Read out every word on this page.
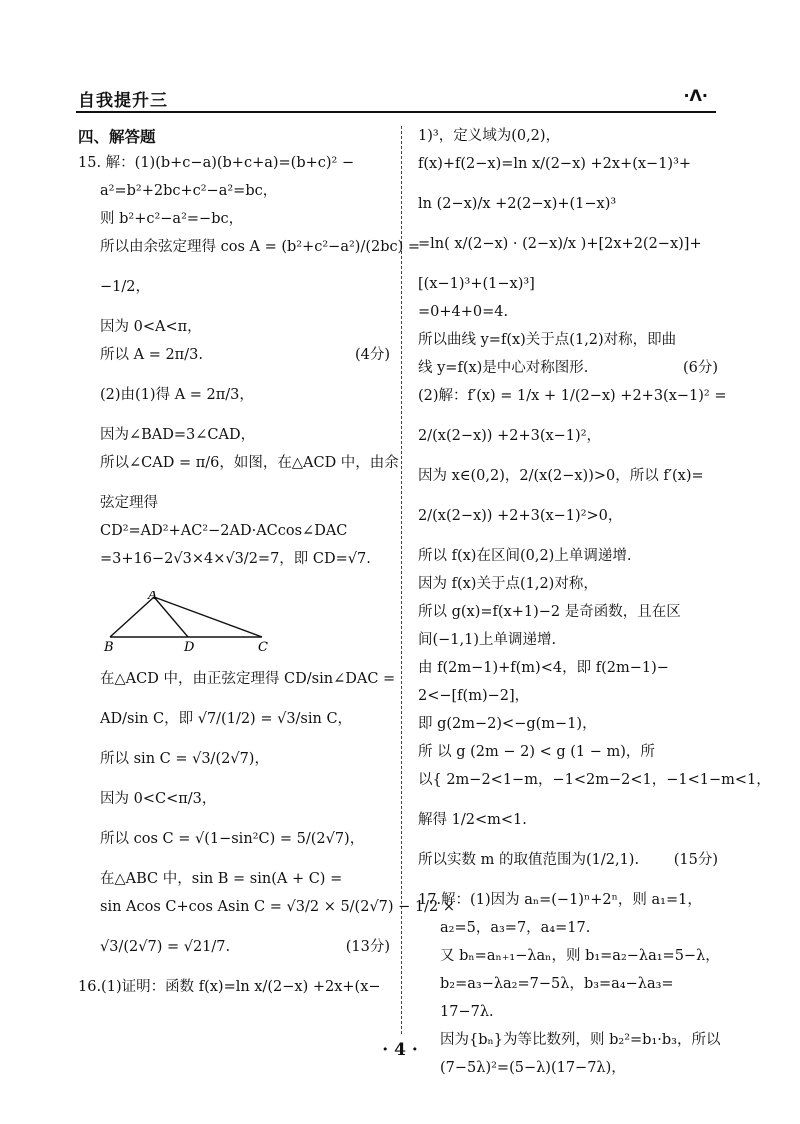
自我提升三	·Λ·
四、解答题
15. 解：(1)(b+c−a)(b+c+a)=(b+c)² −
a²=b²+2bc+c²−a²=bc，
则 b²+c²−a²=−bc，
所以由余弦定理得 cos A = (b²+c²−a²)/(2bc) =
−1/2，
因为 0<A<π，
所以 A = 2π/3.	(4分)
(2)由(1)得 A = 2π/3，
因为∠BAD=3∠CAD，
所以∠CAD = π/6，如图，在△ACD 中，由余
弦定理得
CD²=AD²+AC²−2AD·ACcos∠DAC
=3+16−2√3×4×√3/2=7，即 CD=√7.
A
B	D	C
在△ACD 中，由正弦定理得 CD/sin∠DAC =
AD/sin C，即 √7/(1/2) = √3/sin C，
所以 sin C = √3/(2√7)，
因为 0<C<π/3，
所以 cos C = √(1−sin²C) = 5/(2√7)，
在△ABC 中，sin B = sin(A + C) =
sin Acos C+cos Asin C = √3/2 × 5/(2√7) − 1/2 ×
√3/(2√7) = √21/7.	(13分)
16.(1)证明：函数 f(x)=ln x/(2−x) +2x+(x−
1)³，定义域为(0,2)，
f(x)+f(2−x)=ln x/(2−x) +2x+(x−1)³+
ln (2−x)/x +2(2−x)+(1−x)³
=ln( x/(2−x) · (2−x)/x )+[2x+2(2−x)]+
[(x−1)³+(1−x)³]
=0+4+0=4.
所以曲线 y=f(x)关于点(1,2)对称，即曲
线 y=f(x)是中心对称图形.	(6分)
(2)解：f′(x) = 1/x + 1/(2−x) +2+3(x−1)² =
2/(x(2−x)) +2+3(x−1)²，
因为 x∈(0,2)，2/(x(2−x))>0，所以 f′(x)=
2/(x(2−x)) +2+3(x−1)²>0，
所以 f(x)在区间(0,2)上单调递增.
因为 f(x)关于点(1,2)对称，
所以 g(x)=f(x+1)−2 是奇函数，且在区
间(−1,1)上单调递增.
由 f(2m−1)+f(m)<4，即 f(2m−1)−
2<−[f(m)−2]，
即 g(2m−2)<−g(m−1)，
所 以 g (2m − 2) < g (1 − m)，所
以{ 2m−2<1−m，−1<2m−2<1，−1<1−m<1，
解得 1/2<m<1.
所以实数 m 的取值范围为(1/2,1). (15分)
17.解：(1)因为 aₙ=(−1)ⁿ+2ⁿ，则 a₁=1，
a₂=5，a₃=7，a₄=17.
又 bₙ=aₙ₊₁−λaₙ，则 b₁=a₂−λa₁=5−λ，
b₂=a₃−λa₂=7−5λ，b₃=a₄−λa₃=
17−7λ.
因为{bₙ}为等比数列，则 b₂²=b₁·b₃，所以
(7−5λ)²=(5−λ)(17−7λ)，
· 4 ·
